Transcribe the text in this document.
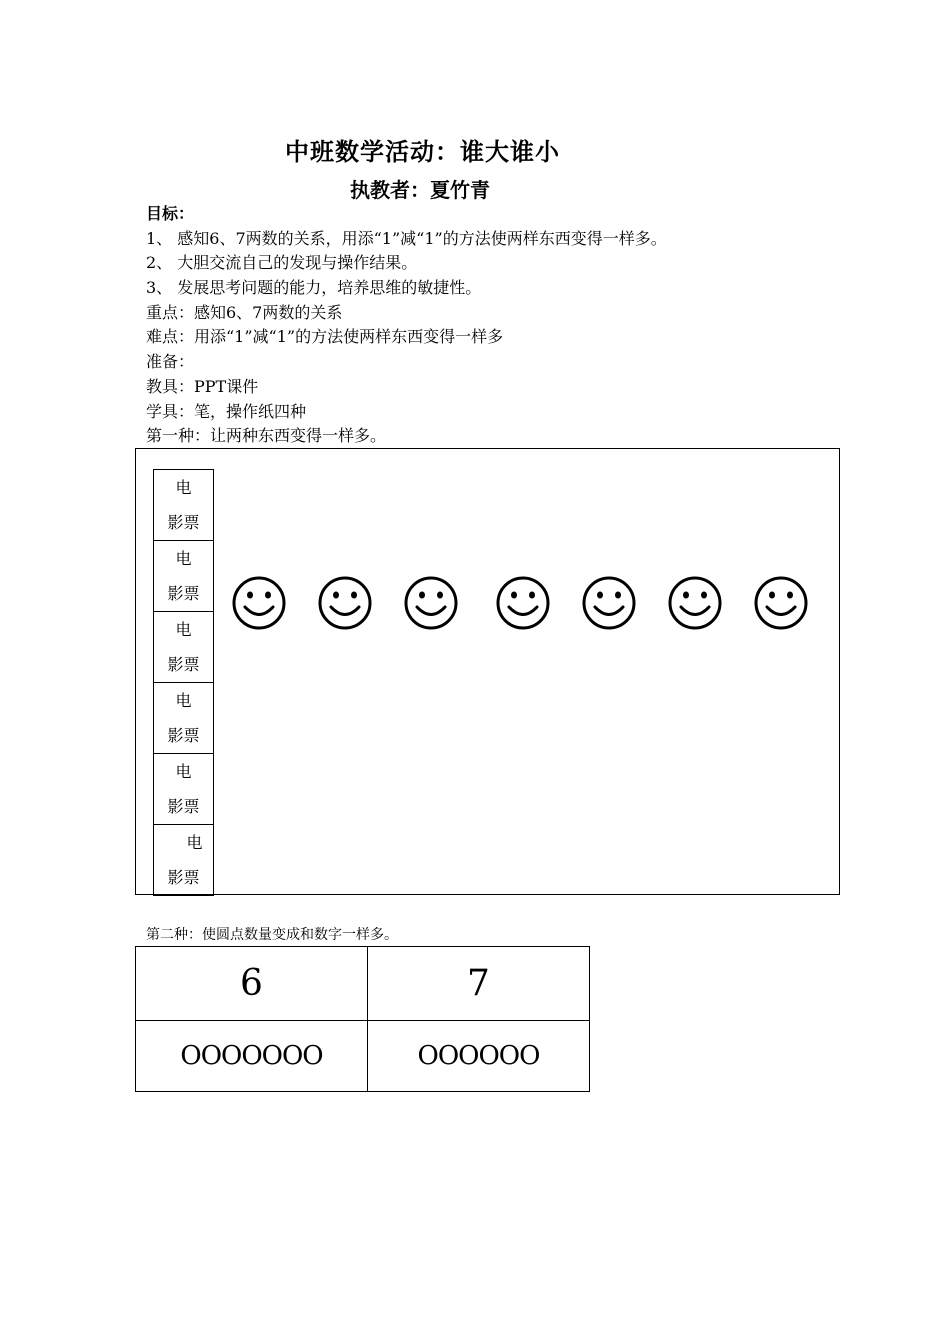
中班数学活动：谁大谁小
执教者：夏竹青
目标：
1、 感知6、7两数的关系，用添“1”减“1”的方法使两样东西变得一样多。
2、 大胆交流自己的发现与操作结果。
3、 发展思考问题的能力，培养思维的敏捷性。
重点：感知6、7两数的关系
难点：用添“1”减“1”的方法使两样东西变得一样多
准备：
教具：PPT课件
学具：笔，操作纸四种
第一种：让两种东西变得一样多。
电
影票
电
影票
电
影票
电
影票
电
影票
电
影票
第二种：使圆点数量变成和数字一样多。
6	7
OOOOOOO	OOOOOO
